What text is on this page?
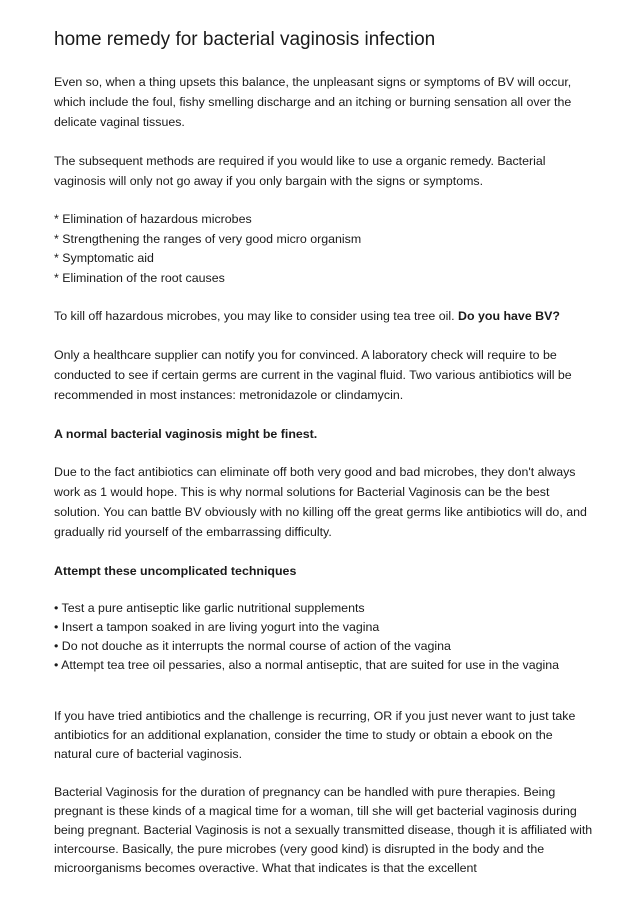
home remedy for bacterial vaginosis infection

Even so, when a thing upsets this balance, the unpleasant signs or symptoms of BV will occur, which include the foul, fishy smelling discharge and an itching or burning sensation all over the delicate vaginal tissues.

The subsequent methods are required if you would like to use a organic remedy. Bacterial vaginosis will only not go away if you only bargain with the signs or symptoms.

* Elimination of hazardous microbes
* Strengthening the ranges of very good micro organism
* Symptomatic aid
* Elimination of the root causes

To kill off hazardous microbes, you may like to consider using tea tree oil. Do you have BV?

Only a healthcare supplier can notify you for convinced. A laboratory check will require to be conducted to see if certain germs are current in the vaginal fluid. Two various antibiotics will be recommended in most instances: metronidazole or clindamycin.

A normal bacterial vaginosis might be finest.

Due to the fact antibiotics can eliminate off both very good and bad microbes, they don't always work as 1 would hope. This is why normal solutions for Bacterial Vaginosis can be the best solution. You can battle BV obviously with no killing off the great germs like antibiotics will do, and gradually rid yourself of the embarrassing difficulty.

Attempt these uncomplicated techniques

• Test a pure antiseptic like garlic nutritional supplements
• Insert a tampon soaked in are living yogurt into the vagina
• Do not douche as it interrupts the normal course of action of the vagina
• Attempt tea tree oil pessaries, also a normal antiseptic, that are suited for use in the vagina

If you have tried antibiotics and the challenge is recurring, OR if you just never want to just take antibiotics for an additional explanation, consider the time to study or obtain a ebook on the natural cure of bacterial vaginosis.

Bacterial Vaginosis for the duration of pregnancy can be handled with pure therapies. Being pregnant is these kinds of a magical time for a woman, till she will get bacterial vaginosis during being pregnant. Bacterial Vaginosis is not a sexually transmitted disease, though it is affiliated with intercourse. Basically, the pure microbes (very good kind) is disrupted in the body and the microorganisms becomes overactive. What that indicates is that the excellent
